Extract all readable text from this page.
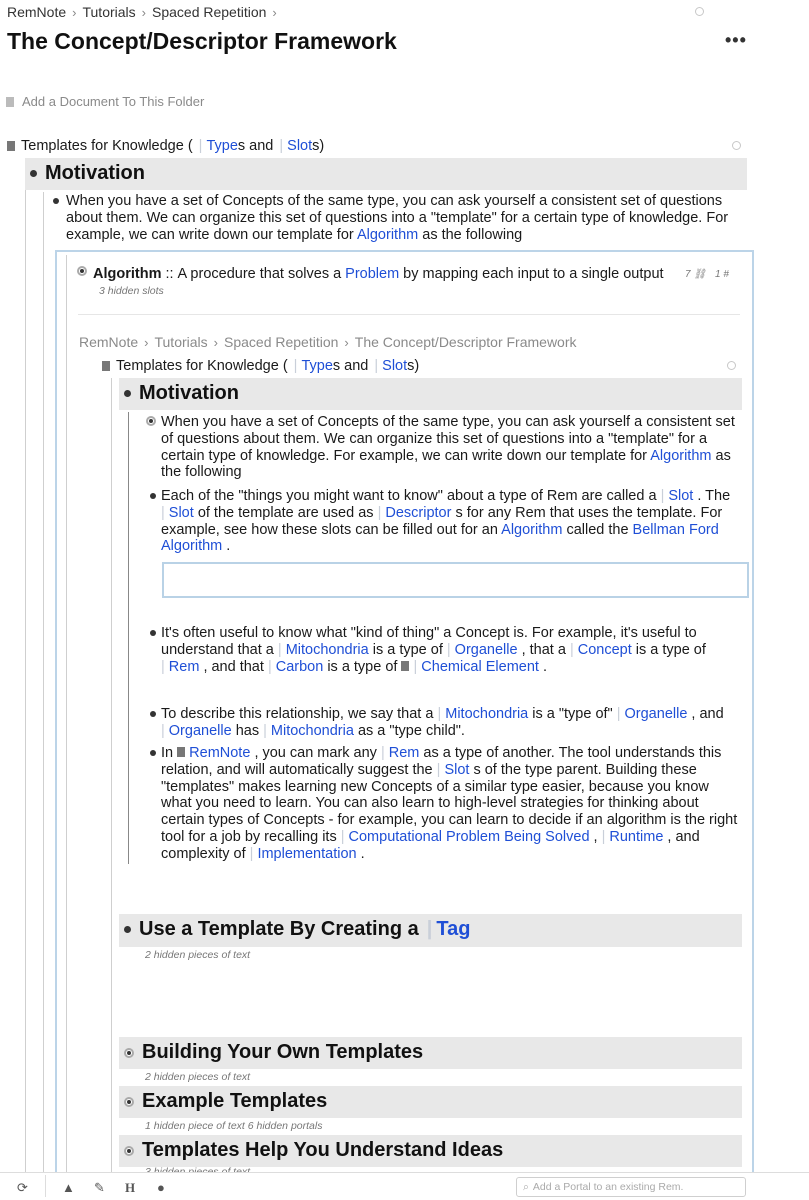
RemNote › Tutorials › Spaced Repetition ›
The Concept/Descriptor Framework	•••
Add a Document To This Folder
Templates for Knowledge ( | Types and | Slots)
Motivation
When you have a set of Concepts of the same type, you can ask yourself a consistent set of questions about them. We can organize this set of questions into a "template" for a certain type of knowledge. For example, we can write down our template for Algorithm as the following
Algorithm :: A procedure that solves a Problem by mapping each input to a single output
3 hidden slots
7 ⛓ 1 #
RemNote › Tutorials › Spaced Repetition › The Concept/Descriptor Framework
Templates for Knowledge ( | Types and | Slots)
Motivation
When you have a set of Concepts of the same type, you can ask yourself a consistent set of questions about them. We can organize this set of questions into a "template" for a certain type of knowledge. For example, we can write down our template for Algorithm as the following
Each of the "things you might want to know" about a type of Rem are called a | Slot . The | Slot of the template are used as | Descriptor s for any Rem that uses the template. For example, see how these slots can be filled out for an Algorithm called the Bellman Ford Algorithm .
It's often useful to know what "kind of thing" a Concept is. For example, it's useful to understand that a | Mitochondria is a type of | Organelle , that a | Concept is a type of | Rem , and that | Carbon is a type of | Chemical Element .
To describe this relationship, we say that a | Mitochondria is a "type of" | Organelle , and | Organelle has | Mitochondria as a "type child".
In RemNote , you can mark any | Rem as a type of another. The tool understands this relation, and will automatically suggest the | Slot s of the type parent. Building these "templates" makes learning new Concepts of a similar type easier, because you know what you need to learn. You can also learn to high-level strategies for thinking about certain types of Concepts - for example, you can learn to decide if an algorithm is the right tool for a job by recalling its | Computational Problem Being Solved , | Runtime , and complexity of | Implementation .
Use a Template By Creating a | Tag
2 hidden pieces of text
Building Your Own Templates
2 hidden pieces of text
Example Templates
1 hidden piece of text 6 hidden portals
Templates Help You Understand Ideas
⟳	▲ ✎ H ●	⌕ Add a Portal to an existing Rem.
